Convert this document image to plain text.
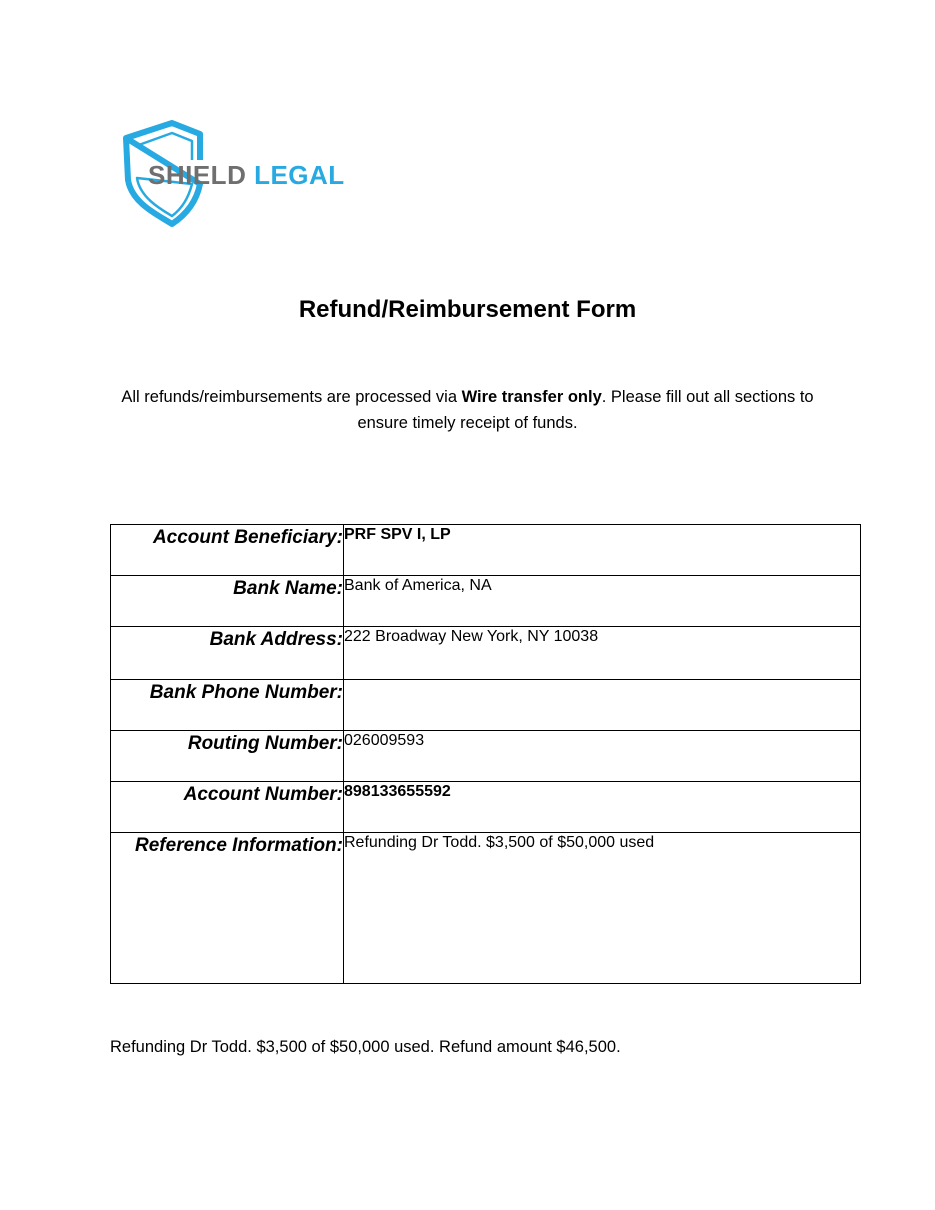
SHIELD LEGAL
Refund/Reimbursement Form
All refunds/reimbursements are processed via Wire transfer only. Please fill out all sections to ensure timely receipt of funds.
Account Beneficiary:	PRF SPV I, LP
Bank Name:	Bank of America, NA
Bank Address:	222 Broadway New York, NY 10038
Bank Phone Number:	
Routing Number:	026009593
Account Number:	898133655592
Reference Information:	Refunding Dr Todd. $3,500 of $50,000 used
Refunding Dr Todd. $3,500 of $50,000 used. Refund amount $46,500.
